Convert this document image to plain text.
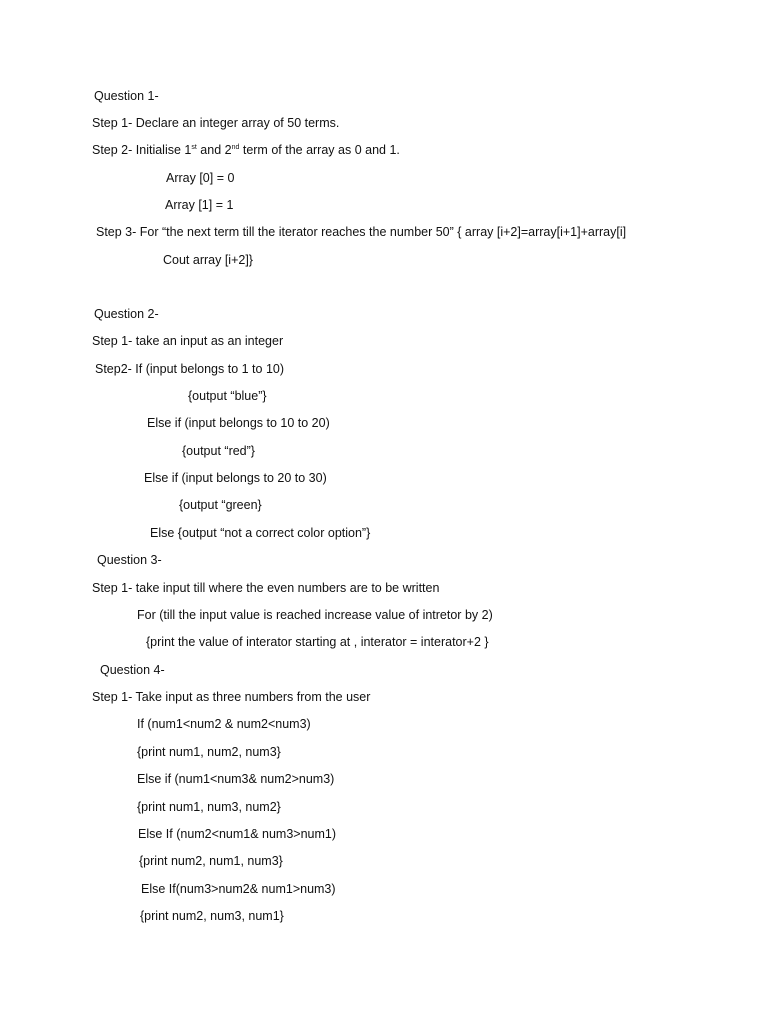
Question 1-
Step 1- Declare an integer array of 50 terms.
Step 2- Initialise 1st and 2nd term of the array as 0 and 1.
Array [0] = 0
Array [1] = 1
Step 3- For “the next term till the iterator reaches the number 50” { array [i+2]=array[i+1]+array[i]
Cout array [i+2]}
Question 2-
Step 1- take an input as an integer
Step2- If (input belongs to 1 to 10)
{output “blue”}
Else if (input belongs to 10 to 20)
{output “red”}
Else if (input belongs to 20 to 30)
{output “green}
Else {output “not a correct color option”}
Question 3-
Step 1- take input till where the even numbers are to be written
For (till the input value is reached increase value of intretor by 2)
{print the value of interator starting at , interator = interator+2 }
Question 4-
Step 1- Take input as three numbers from the user
If (num1<num2 & num2<num3)
{print num1, num2, num3}
Else if (num1<num3& num2>num3)
{print num1, num3, num2}
Else If (num2<num1& num3>num1)
{print num2, num1, num3}
Else If(num3>num2& num1>num3)
{print num2, num3, num1}
